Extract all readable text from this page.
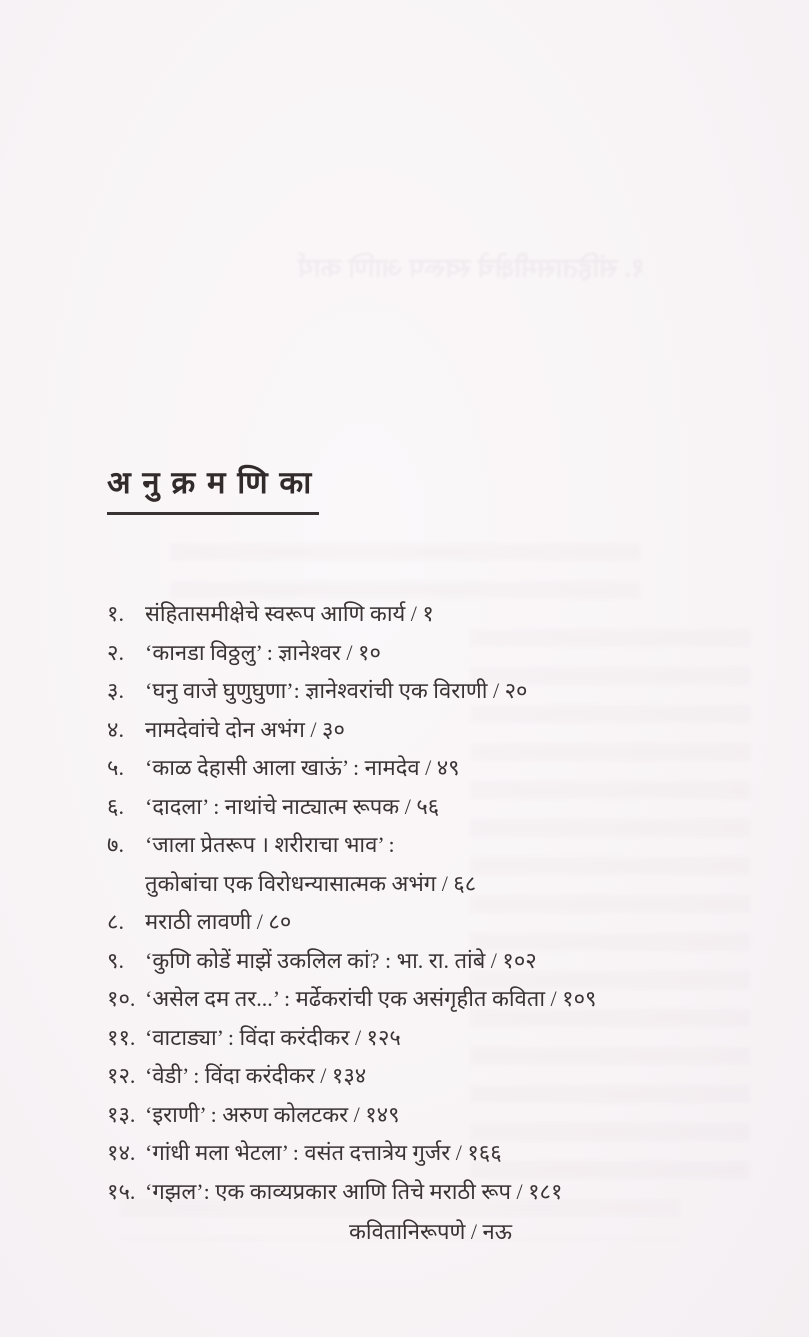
१. संहितासमीक्षेचे स्वरूप आणि कार्य
अ नु क्र म णि का
१. संहितासमीक्षेचे स्वरूप आणि कार्य / १
२. ‘कानडा विठ्ठलु’ : ज्ञानेश्वर / १०
३. ‘घनु वाजे घुणुघुणा’: ज्ञानेश्वरांची एक विराणी / २०
४. नामदेवांचे दोन अभंग / ३०
५. ‘काळ देहासी आला खाऊं’ : नामदेव / ४९
६. ‘दादला’ : नाथांचे नाट्यात्म रूपक / ५६
७. ‘जाला प्रेतरूप । शरीराचा भाव’ :
तुकोबांचा एक विरोधन्यासात्मक अभंग / ६८
८. मराठी लावणी / ८०
९. ‘कुणि कोडें माझें उकलिल कां? : भा. रा. तांबे / १०२
१०. ‘असेल दम तर...’ : मर्ढेकरांची एक असंगृहीत कविता / १०९
११. ‘वाटाड्या’ : विंदा करंदीकर / १२५
१२. ‘वेडी’ : विंदा करंदीकर / १३४
१३. ‘इराणी’ : अरुण कोलटकर / १४९
१४. ‘गांधी मला भेटला’ : वसंत दत्तात्रेय गुर्जर / १६६
१५. ‘गझल’: एक काव्यप्रकार आणि तिचे मराठी रूप / १८१
कवितानिरूपणे / नऊ
